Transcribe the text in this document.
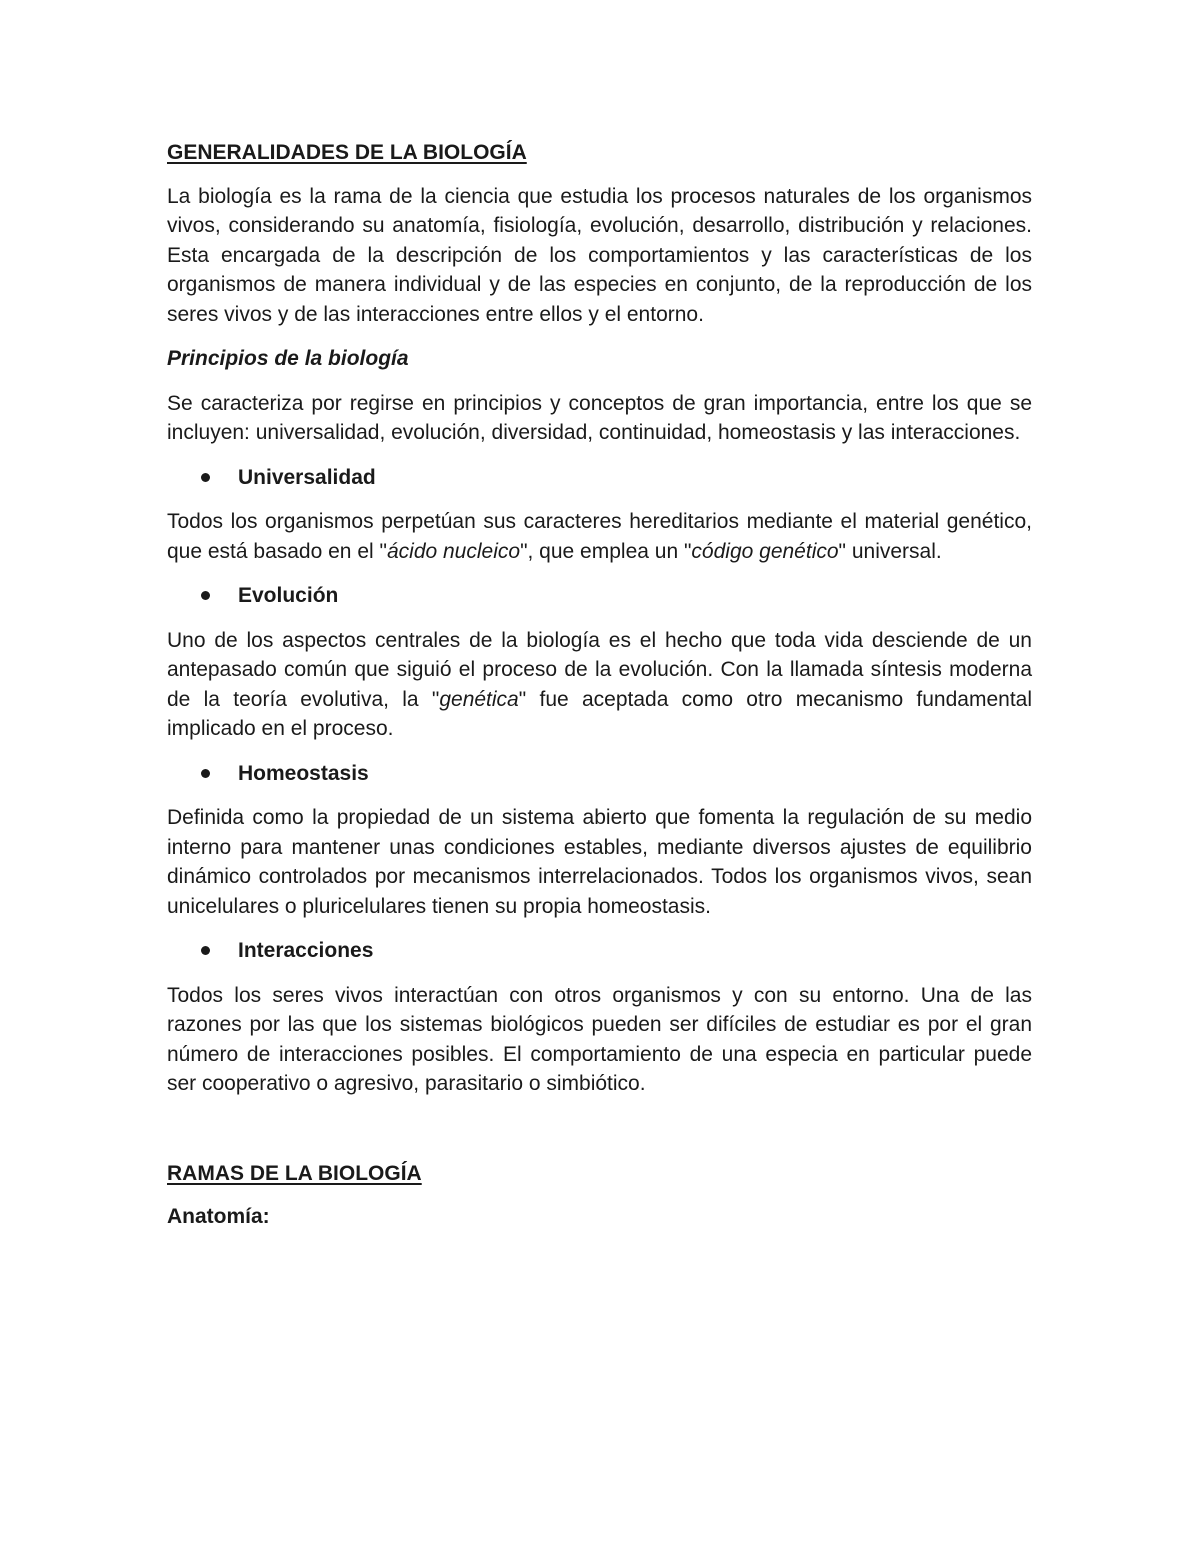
GENERALIDADES DE LA BIOLOGÍA

La biología es la rama de la ciencia que estudia los procesos naturales de los organismos vivos, considerando su anatomía, fisiología, evolución, desarrollo, distribución y relaciones. Esta encargada de la descripción de los comportamientos y las características de los organismos de manera individual y de las especies en conjunto, de la reproducción de los seres vivos y de las interacciones entre ellos y el entorno.

Principios de la biología

Se caracteriza por regirse en principios y conceptos de gran importancia, entre los que se incluyen: universalidad, evolución, diversidad, continuidad, homeostasis y las interacciones.

Universalidad

Todos los organismos perpetúan sus caracteres hereditarios mediante el material genético, que está basado en el "ácido nucleico", que emplea un "código genético" universal.

Evolución

Uno de los aspectos centrales de la biología es el hecho que toda vida desciende de un antepasado común que siguió el proceso de la evolución. Con la llamada síntesis moderna de la teoría evolutiva, la "genética" fue aceptada como otro mecanismo fundamental implicado en el proceso.

Homeostasis

Definida como la propiedad de un sistema abierto que fomenta la regulación de su medio interno para mantener unas condiciones estables, mediante diversos ajustes de equilibrio dinámico controlados por mecanismos interrelacionados. Todos los organismos vivos, sean unicelulares o pluricelulares tienen su propia homeostasis.

Interacciones

Todos los seres vivos interactúan con otros organismos y con su entorno. Una de las razones por las que los sistemas biológicos pueden ser difíciles de estudiar es por el gran número de interacciones posibles. El comportamiento de una especia en particular puede ser cooperativo o agresivo, parasitario o simbiótico.

RAMAS DE LA BIOLOGÍA
Anatomía:
